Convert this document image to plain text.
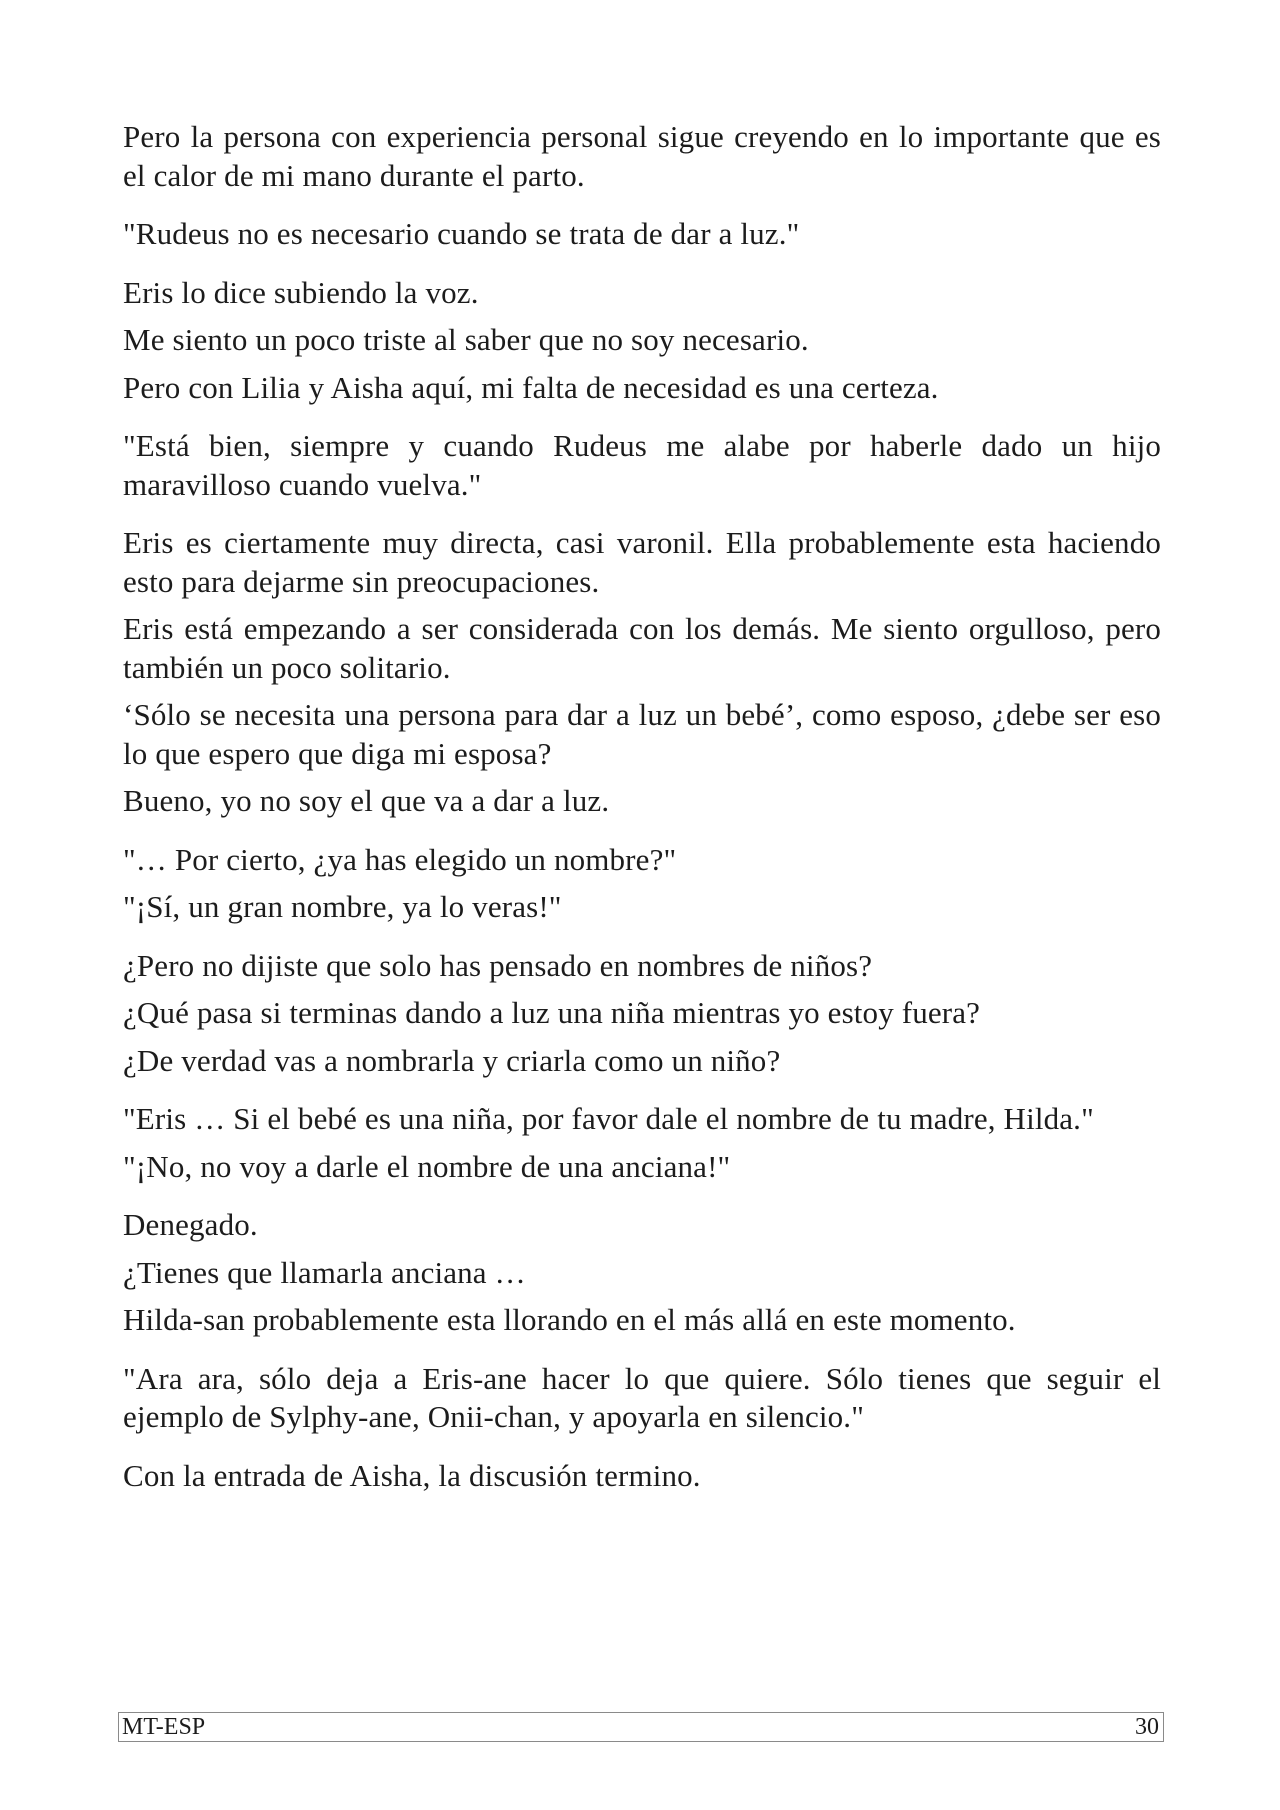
Pero la persona con experiencia personal sigue creyendo en lo importante que es el calor de mi mano durante el parto.

"Rudeus no es necesario cuando se trata de dar a luz."

Eris lo dice subiendo la voz.

Me siento un poco triste al saber que no soy necesario.

Pero con Lilia y Aisha aquí, mi falta de necesidad es una certeza.

"Está bien, siempre y cuando Rudeus me alabe por haberle dado un hijo maravilloso cuando vuelva."

Eris es ciertamente muy directa, casi varonil. Ella probablemente esta haciendo esto para dejarme sin preocupaciones.

Eris está empezando a ser considerada con los demás. Me siento orgulloso, pero también un poco solitario.

‘Sólo se necesita una persona para dar a luz un bebé’, como esposo, ¿debe ser eso lo que espero que diga mi esposa?

Bueno, yo no soy el que va a dar a luz.

"… Por cierto, ¿ya has elegido un nombre?"

"¡Sí, un gran nombre, ya lo veras!"

¿Pero no dijiste que solo has pensado en nombres de niños?

¿Qué pasa si terminas dando a luz una niña mientras yo estoy fuera?

¿De verdad vas a nombrarla y criarla como un niño?

"Eris … Si el bebé es una niña, por favor dale el nombre de tu madre, Hilda."

"¡No, no voy a darle el nombre de una anciana!"

Denegado.

¿Tienes que llamarla anciana …

Hilda-san probablemente esta llorando en el más allá en este momento.

"Ara ara, sólo deja a Eris-ane hacer lo que quiere. Sólo tienes que seguir el ejemplo de Sylphy-ane, Onii-chan, y apoyarla en silencio."

Con la entrada de Aisha, la discusión termino.

MT-ESP	30
